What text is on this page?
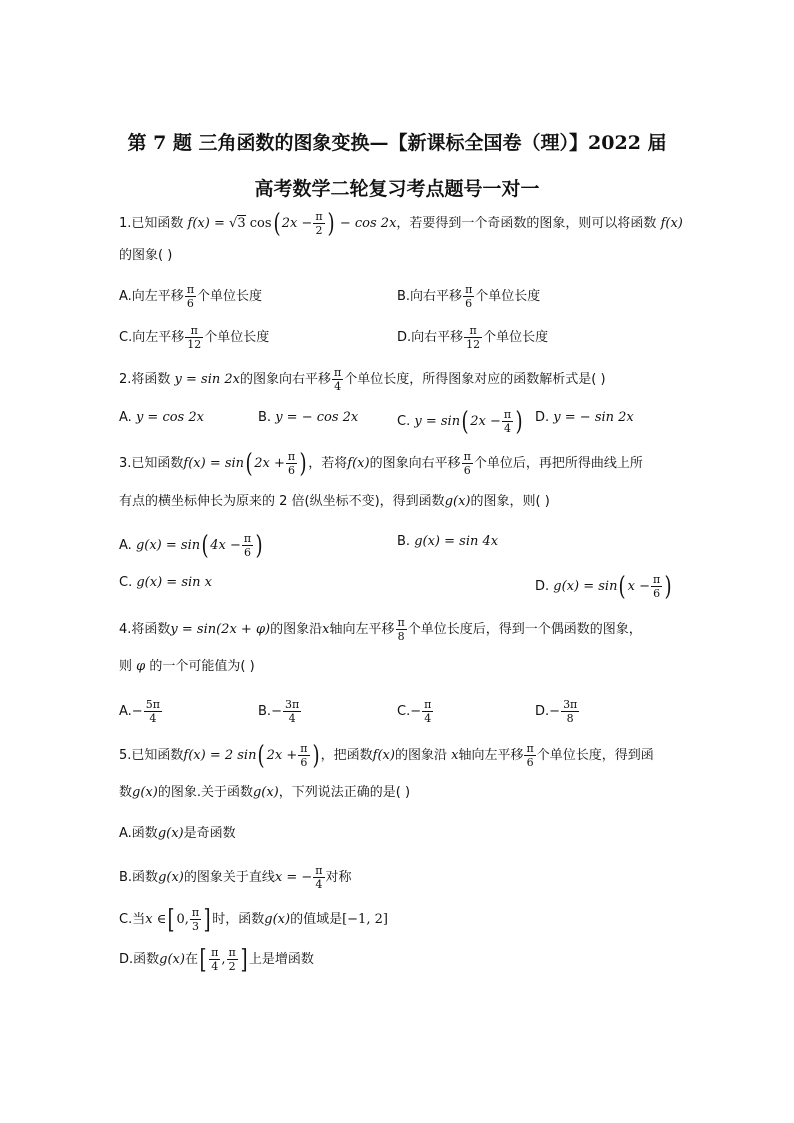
第 7 题 三角函数的图象变换—【新课标全国卷（理）】2022 届
高考数学二轮复习考点题号一对一
1.已知函数 f(x) = √3 cos( $2x - \frac{\pi}{2}$ ) − cos 2x，若要得到一个奇函数的图象，则可以将函数 f(x)
的图象( )
A.向左平移 $\frac{\pi}{6}$ 个单位长度	B.向右平移 $\frac{\pi}{6}$ 个单位长度
C.向左平移 $\frac{\pi}{12}$ 个单位长度	D.向右平移 $\frac{\pi}{12}$ 个单位长度
2.将函数 y = sin 2x的图象向右平移 $\frac{\pi}{4}$ 个单位长度，所得图象对应的函数解析式是( )
A. y = cos 2x	B. y = − cos 2x	C. y = sin( $2x - \frac{\pi}{4}$ ) D. y = − sin 2x
3.已知函数f(x) = sin( $2x + \frac{\pi}{6}$ ) ，若将f(x)的图象向右平移 $\frac{\pi}{6}$ 个单位后，再把所得曲线上所
有点的横坐标伸长为原来的 2 倍(纵坐标不变)，得到函数g(x)的图象，则( )
A. g(x) = sin( $4x - \frac{\pi}{6}$ )	B. g(x) = sin 4x
C. g(x) = sin x	D. g(x) = sin( $x - \frac{\pi}{6}$ )
4.将函数y = sin(2x + φ)的图象沿x轴向左平移 $\frac{\pi}{8}$ 个单位长度后，得到一个偶函数的图象，
则 φ 的一个可能值为( )
$A.- \frac{5\pi}{4}$	$B.- \frac{3\pi}{4}$	$C.- \frac{\pi}{4}$	$D.- \frac{3\pi}{8}$
5.已知函数f(x) = 2 sin( $2x + \frac{\pi}{6}$ ) ，把函数f(x)的图象沿 x轴向左平移 $\frac{\pi}{6}$ 个单位长度，得到函
数g(x)的图象.关于函数g(x)，下列说法正确的是( )
A.函数g(x)是奇函数
B.函数g(x)的图象关于直线x = − $\frac{\pi}{4}$ 对称
C.当x ∈[ 0, $\frac{\pi}{3}$ ] 时，函数g(x)的值域是[−1, 2]
D.函数g(x)在[ $\frac{\pi}{4}$ , $\frac{\pi}{2}$ ] 上是增函数
